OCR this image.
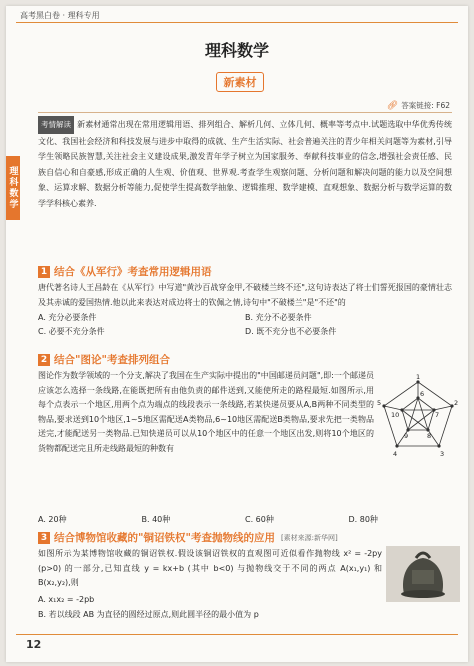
高考黑白卷 · 理科专用
理科数学
理科数学
新素材
🔗︎ 答案链接: F62
考情解读 新素材通常出现在常用逻辑用语、排列组合、解析几何、立体几何、概率等考点中.试题选取中华优秀传统文化、我国社会经济和科技发展与进步中取得的成就、生产生活实际、社会普遍关注的青少年相关问题等为素材,引导学生领略民族智慧,关注社会主义建设成果,激发青年学子树立为国家服务、奉献科技事业的信念,增强社会责任感、民族自信心和自豪感,形成正确的人生观、价值观、世界观.考查学生观察问题、分析问题和解决问题的能力以及空间想象、运算求解、数据分析等能力,促使学生提高数学抽象、逻辑推理、数学建模、直观想象、数据分析与数学运算的数学学科核心素养.
1 结合《从军行》考查常用逻辑用语
唐代著名诗人王昌龄在《从军行》中写道"黄沙百战穿金甲,不破楼兰终不还",这句诗表达了将士们誓死报国的豪情壮志及其赤诚的爱国热情.他以此来表达对成边将士的钦佩之情,诗句中"不破楼兰"是"不还"的
A. 充分必要条件	B. 充分不必要条件
C. 必要不充分条件	D. 既不充分也不必要条件
2 结合"图论"考查排列组合
图论作为数学领域的一个分支,解决了我国在生产实际中提出的"中国邮递员问题",即:一个邮递员应该怎么选择一条线路,在能既把所有由他负责的邮件送到,又能使所走的路程最短.如图所示,用每个点表示一个地区,用两个点为端点的线段表示一条线路,若某快递员要从A,B两种不同类型的物品,要求送到10个地区,1~5地区需配送A类物品,6~10地区需配送B类物品,要求先把一类物品送完,才能配送另一类物品.已知快递员可以从10个地区中的任意一个地区出发,则将10个地区的货物都配送完且所走线路最短的种数有
A. 20种	B. 40种	C. 60种	D. 80种
1
2
3
4
5
6
7
8
9
10
3 结合博物馆收藏的"铜诏铁权"考查抛物线的应用 [素材来源:新华网]
如图所示为某博物馆收藏的铜诏铁权.假设该铜诏铁权的直观图可近似看作抛物线 x² = -2py (p>0) 的一部分,已知直线 y = kx+b (其中 b<0) 与抛物线交于不同的两点 A(x₁,y₁) 和 B(x₂,y₂),则
A. x₁x₂ = -2pb
B. 若以线段 AB 为直径的圆经过原点,则此圆半径的最小值为 p
12
